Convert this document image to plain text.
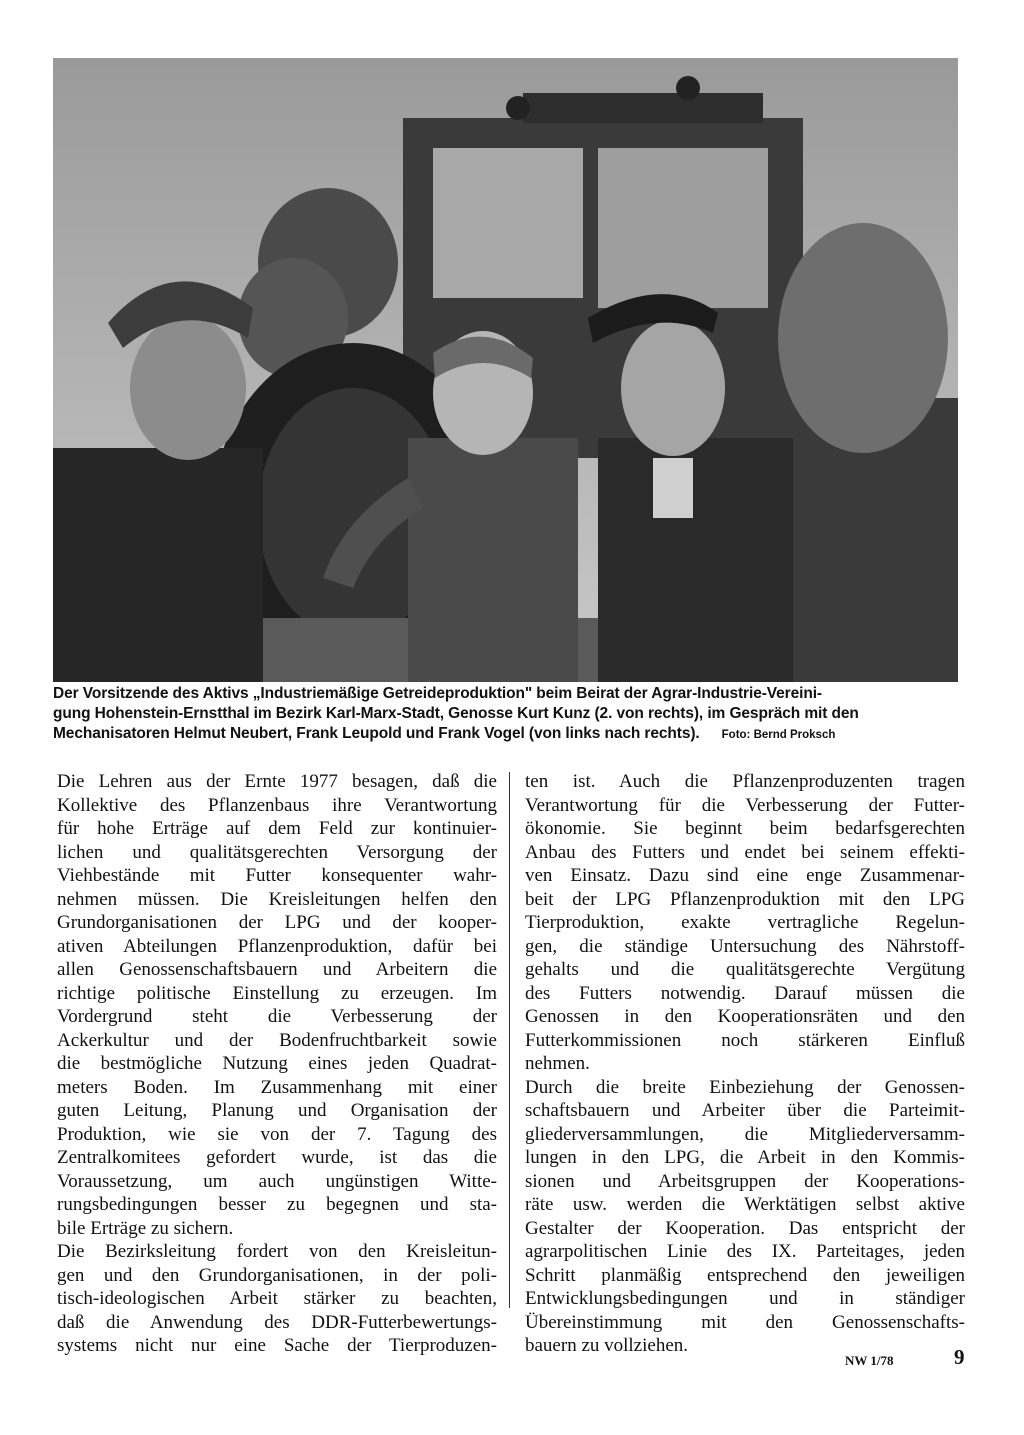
Der Vorsitzende des Aktivs „Industriemäßige Getreideproduktion" beim Beirat der Agrar-Industrie-Vereini-
gung Hohenstein-Ernstthal im Bezirk Karl-Marx-Stadt, Genosse Kurt Kunz (2. von rechts), im Gespräch mit den
Mechanisatoren Helmut Neubert, Frank Leupold und Frank Vogel (von links nach rechts). Foto: Bernd Proksch
Die Lehren aus der Ernte 1977 besagen, daß die
Kollektive des Pflanzenbaus ihre Verantwortung
für hohe Erträge auf dem Feld zur kontinuier-
lichen und qualitätsgerechten Versorgung der
Viehbestände mit Futter konsequenter wahr-
nehmen müssen. Die Kreisleitungen helfen den
Grundorganisationen der LPG und der kooper-
ativen Abteilungen Pflanzenproduktion, dafür bei
allen Genossenschaftsbauern und Arbeitern die
richtige politische Einstellung zu erzeugen. Im
Vordergrund steht die Verbesserung der
Ackerkultur und der Bodenfruchtbarkeit sowie
die bestmögliche Nutzung eines jeden Quadrat-
meters Boden. Im Zusammenhang mit einer
guten Leitung, Planung und Organisation der
Produktion, wie sie von der 7. Tagung des
Zentralkomitees gefordert wurde, ist das die
Voraussetzung, um auch ungünstigen Witte-
rungsbedingungen besser zu begegnen und sta-
bile Erträge zu sichern.
Die Bezirksleitung fordert von den Kreisleitun-
gen und den Grundorganisationen, in der poli-
tisch-ideologischen Arbeit stärker zu beachten,
daß die Anwendung des DDR-Futterbewertungs-
systems nicht nur eine Sache der Tierproduzen-
ten ist. Auch die Pflanzenproduzenten tragen
Verantwortung für die Verbesserung der Futter-
ökonomie. Sie beginnt beim bedarfsgerechten
Anbau des Futters und endet bei seinem effekti-
ven Einsatz. Dazu sind eine enge Zusammenar-
beit der LPG Pflanzenproduktion mit den LPG
Tierproduktion, exakte vertragliche Regelun-
gen, die ständige Untersuchung des Nährstoff-
gehalts und die qualitätsgerechte Vergütung
des Futters notwendig. Darauf müssen die
Genossen in den Kooperationsräten und den
Futterkommissionen noch stärkeren Einfluß
nehmen.
Durch die breite Einbeziehung der Genossen-
schaftsbauern und Arbeiter über die Parteimit-
gliederversammlungen, die Mitgliederversamm-
lungen in den LPG, die Arbeit in den Kommis-
sionen und Arbeitsgruppen der Kooperations-
räte usw. werden die Werktätigen selbst aktive
Gestalter der Kooperation. Das entspricht der
agrarpolitischen Linie des IX. Parteitages, jeden
Schritt planmäßig entsprechend den jeweiligen
Entwicklungsbedingungen und in ständiger
Übereinstimmung mit den Genossenschafts-
bauern zu vollziehen.
NW 1/78	9
